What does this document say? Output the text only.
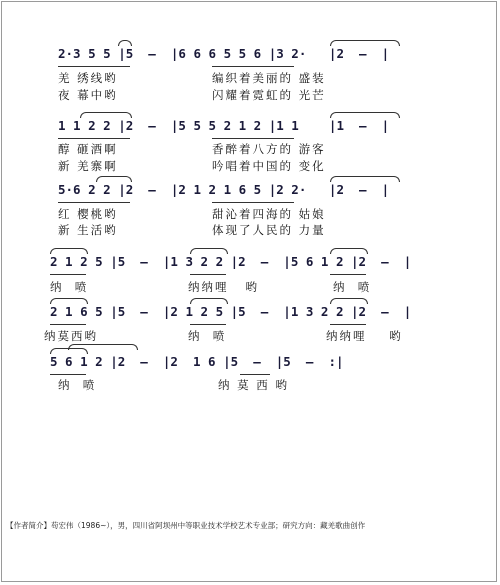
2·3 5 5 |5  –  |6 6 6 5 5 6 |3 2·   |2  –  |
羌 绣线哟	编织着美丽的 盛装
夜 幕中哟	闪耀着霓虹的 光芒
1 1 2 2 |2  –  |5 5 5 2 1 2 |1 1    |1  –  |
醇 砸酒啊	香醉着八方的 游客
新 羌寨啊	吟唱着中国的 变化
5·6 2 2 |2  –  |2 1 2 1 6 5 |2 2·   |2  –  |
红 樱桃哟	甜沁着四海的 姑娘
新 生活哟	体现了人民的 力量
2 1 2 5 |5  –  |1 3 2 2 |2  –  |5 6 1 2 |2  –  |
纳  喷	纳纳哩   哟	纳  喷
2 1 6 5 |5  –  |2 1 2 5 |5  –  |1 3 2 2 |2  –  |
纳莫西哟	纳  喷	纳纳哩    哟
5 6 1 2 |2  –  |2  1 6 |5  –  |5  –  :|
纳  喷	纳 莫 西 哟
【作者简介】苟宏伟（1986~），男，四川省阿坝州中等职业技术学校艺术专业部；研究方向：藏羌歌曲创作
